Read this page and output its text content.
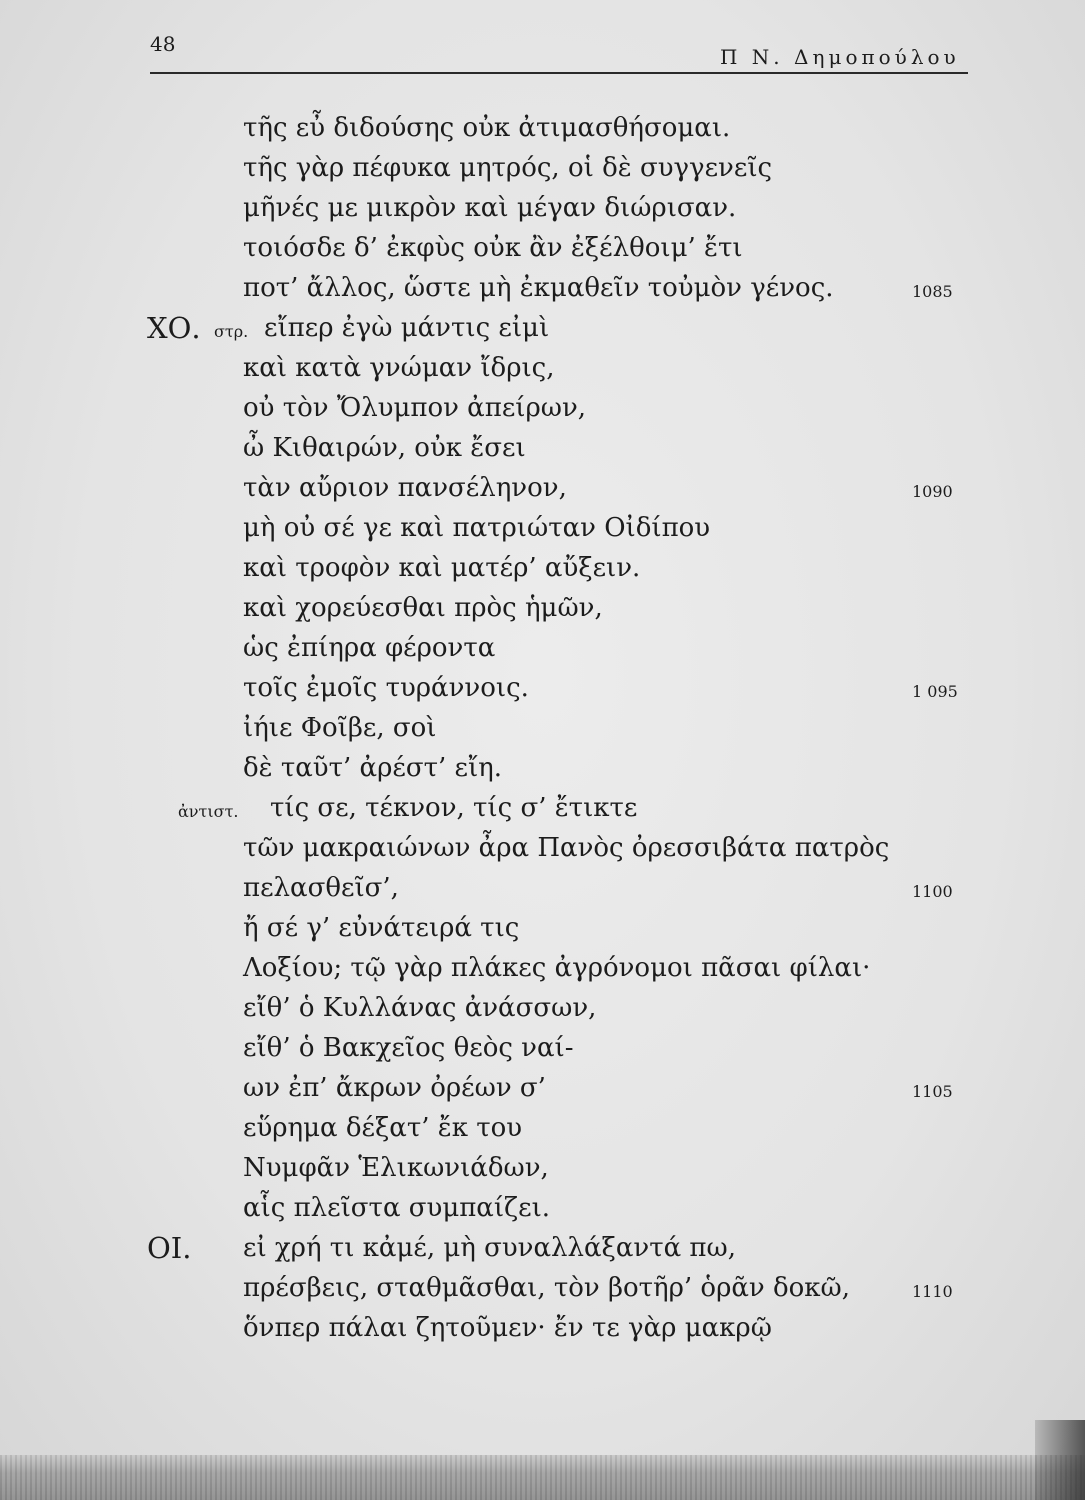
48
Π Ν. Δημοπούλου
τῆς εὖ διδούσης οὐκ ἀτιμασθήσομαι.
τῆς γὰρ πέφυκα μητρός, οἱ δὲ συγγενεῖς
μῆνές με μικρὸν καὶ μέγαν διώρισαν.
τοιόσδε δ’ ἐκφὺς οὐκ ἂν ἐξέλθοιμ’ ἔτι
ποτ’ ἄλλος, ὥστε μὴ ἐκμαθεῖν τοὐμὸν γένος.	1085
ΧΟ. στρ. εἴπερ ἐγὼ μάντις εἰμὶ
καὶ κατὰ γνώμαν ἴδρις,
οὐ τὸν Ὄλυμπον ἀπείρων,
ὦ Κιθαιρών, οὐκ ἔσει
τὰν αὔριον πανσέληνον,	1090
μὴ οὐ σέ γε καὶ πατριώταν Οἰδίπου
καὶ τροφὸν καὶ ματέρ’ αὔξειν.
καὶ χορεύεσθαι πρὸς ἡμῶν,
ὡς ἐπίηρα φέροντα
τοῖς ἐμοῖς τυράννοις.	1 095
ἰήιε Φοῖβε, σοὶ
δὲ ταῦτ’ ἀρέστ’ εἴη.
ἀντιστ. τίς σε, τέκνον, τίς σ’ ἔτικτε
τῶν μακραιώνων ἆρα Πανὸς ὀρεσσιβάτα πατρὸς
πελασθεῖσ’,	1100
ἤ σέ γ’ εὐνάτειρά τις
Λοξίου; τῷ γὰρ πλάκες ἀγρόνομοι πᾶσαι φίλαι·
εἴθ’ ὁ Κυλλάνας ἀνάσσων,
εἴθ’ ὁ Βακχεῖος θεὸς ναί-
ων ἐπ’ ἄκρων ὀρέων σ’	1105
εὕρημα δέξατ’ ἔκ του
Νυμφᾶν Ἑλικωνιάδων,
αἷς πλεῖστα συμπαίζει.
ΟΙ. εἰ χρή τι κἀμέ, μὴ συναλλάξαντά πω,
πρέσβεις, σταθμᾶσθαι, τὸν βοτῆρ’ ὁρᾶν δοκῶ,	1110
ὅνπερ πάλαι ζητοῦμεν· ἔν τε γὰρ μακρῷ
